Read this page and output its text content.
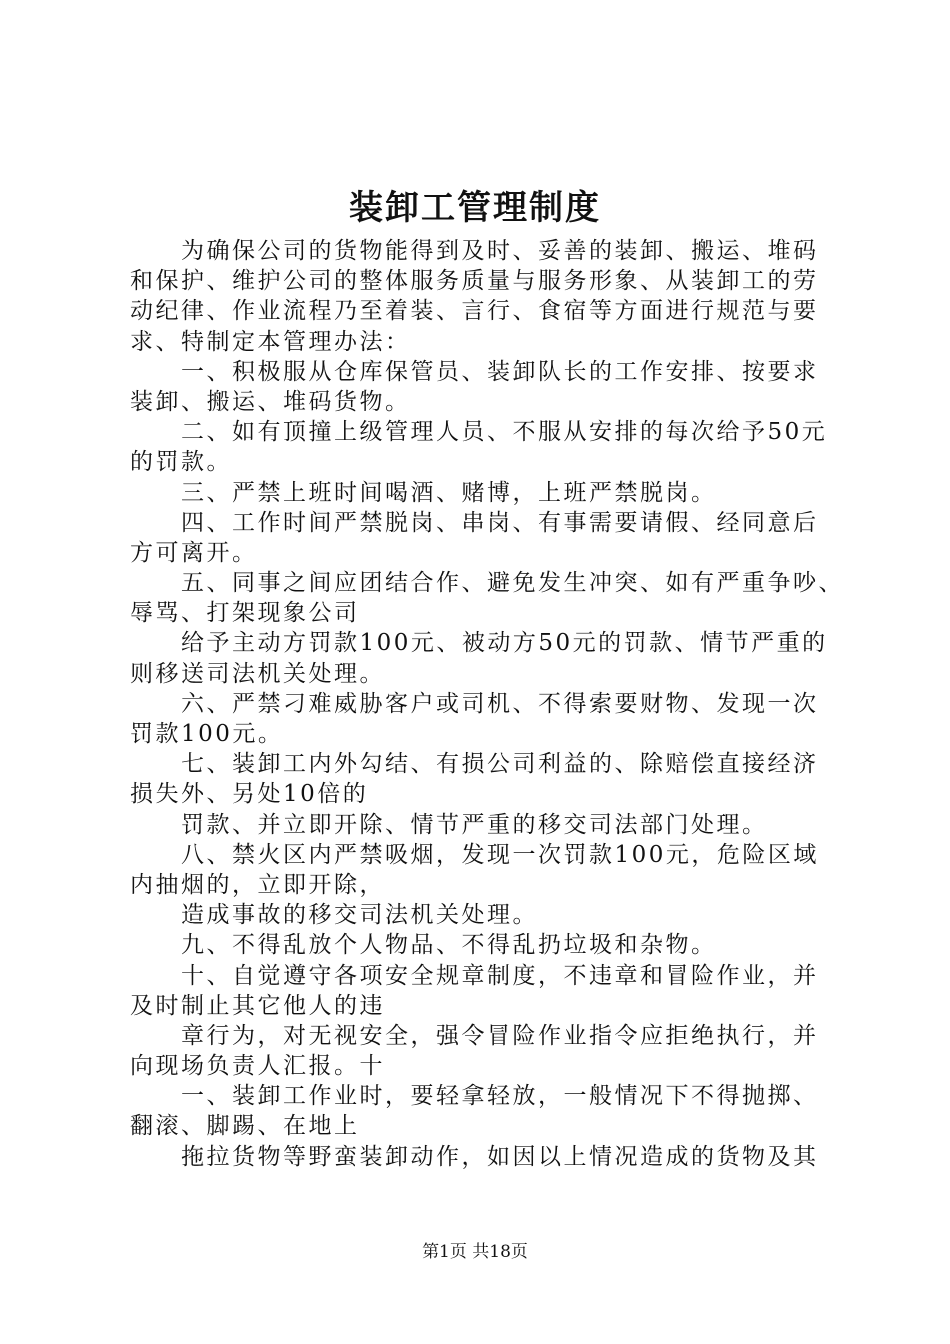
装卸工管理制度
为确保公司的货物能得到及时、妥善的装卸、搬运、堆码
和保护、维护公司的整体服务质量与服务形象、从装卸工的劳
动纪律、作业流程乃至着装、言行、食宿等方面进行规范与要
求、特制定本管理办法：
一、积极服从仓库保管员、装卸队长的工作安排、按要求
装卸、搬运、堆码货物。
二、如有顶撞上级管理人员、不服从安排的每次给予50元
的罚款。
三、严禁上班时间喝酒、赌博，上班严禁脱岗。
四、工作时间严禁脱岗、串岗、有事需要请假、经同意后
方可离开。
五、同事之间应团结合作、避免发生冲突、如有严重争吵、
辱骂、打架现象公司
给予主动方罚款100元、被动方50元的罚款、情节严重的
则移送司法机关处理。
六、严禁刁难威胁客户或司机、不得索要财物、发现一次
罚款100元。
七、装卸工内外勾结、有损公司利益的、除赔偿直接经济
损失外、另处10倍的
罚款、并立即开除、情节严重的移交司法部门处理。
八、禁火区内严禁吸烟，发现一次罚款100元，危险区域
内抽烟的，立即开除，
造成事故的移交司法机关处理。
九、不得乱放个人物品、不得乱扔垃圾和杂物。
十、自觉遵守各项安全规章制度，不违章和冒险作业，并
及时制止其它他人的违
章行为，对无视安全，强令冒险作业指令应拒绝执行，并
向现场负责人汇报。十
一、装卸工作业时，要轻拿轻放，一般情况下不得抛掷、
翻滚、脚踢、在地上
拖拉货物等野蛮装卸动作，如因以上情况造成的货物及其
第1页 共18页
